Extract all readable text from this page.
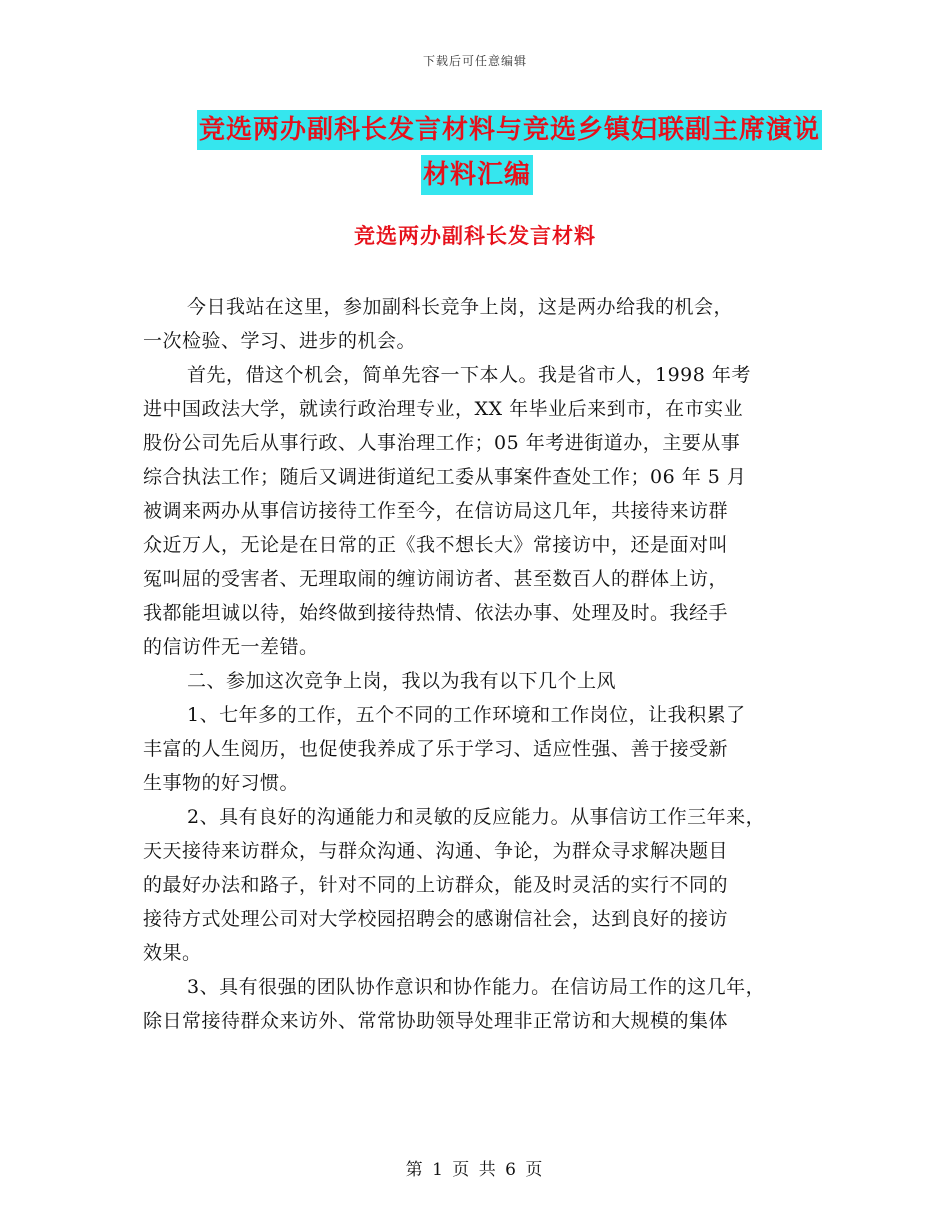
下载后可任意编辑
竞选两办副科长发言材料与竞选乡镇妇联副主席演说
材料汇编
竞选两办副科长发言材料
今日我站在这里，参加副科长竞争上岗，这是两办给我的机会，
一次检验、学习、进步的机会。
首先，借这个机会，简单先容一下本人。我是省市人，1998 年考
进中国政法大学，就读行政治理专业，XX 年毕业后来到市，在市实业
股份公司先后从事行政、人事治理工作；05 年考进街道办，主要从事
综合执法工作；随后又调进街道纪工委从事案件查处工作；06 年 5 月
被调来两办从事信访接待工作至今，在信访局这几年，共接待来访群
众近万人，无论是在日常的正《我不想长大》常接访中，还是面对叫
冤叫屈的受害者、无理取闹的缠访闹访者、甚至数百人的群体上访，
我都能坦诚以待，始终做到接待热情、依法办事、处理及时。我经手
的信访件无一差错。
二、参加这次竞争上岗，我以为我有以下几个上风
1、七年多的工作，五个不同的工作环境和工作岗位，让我积累了
丰富的人生阅历，也促使我养成了乐于学习、适应性强、善于接受新
生事物的好习惯。
2、具有良好的沟通能力和灵敏的反应能力。从事信访工作三年来，
天天接待来访群众，与群众沟通、沟通、争论，为群众寻求解决题目
的最好办法和路子，针对不同的上访群众，能及时灵活的实行不同的
接待方式处理公司对大学校园招聘会的感谢信社会，达到良好的接访
效果。
3、具有很强的团队协作意识和协作能力。在信访局工作的这几年，
除日常接待群众来访外、常常协助领导处理非正常访和大规模的集体
第 1 页 共 6 页
